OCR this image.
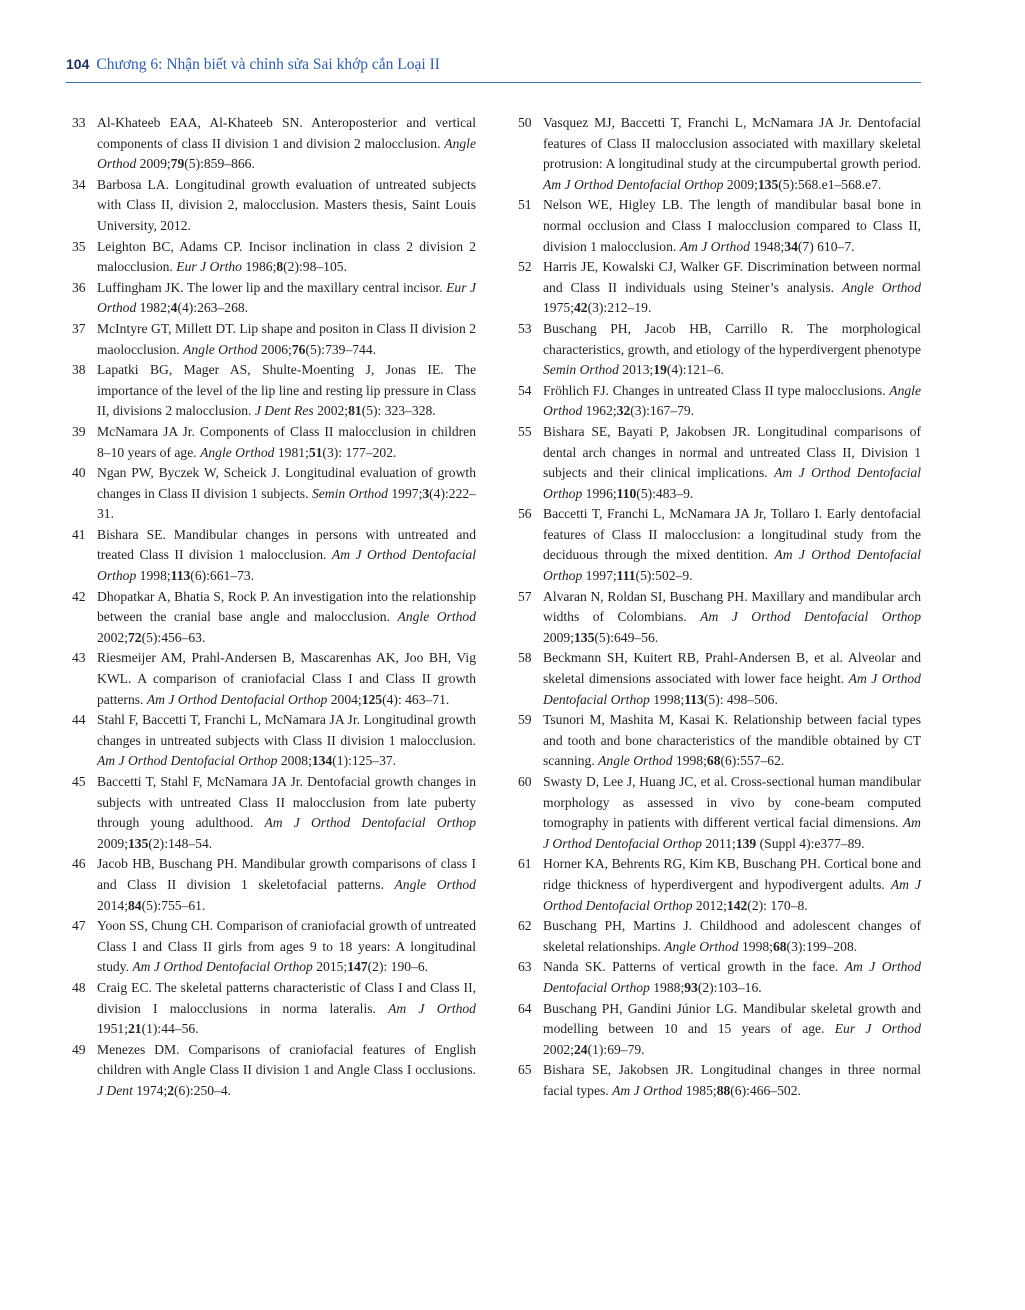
104 Chương 6: Nhận biết và chỉnh sửa Sai khớp cắn Loại II

33 Al-Khateeb EAA, Al-Khateeb SN. Anteroposterior and vertical components of class II division 1 and division 2 malocclusion. Angle Orthod 2009;79(5):859–866.

34 Barbosa LA. Longitudinal growth evaluation of untreated subjects with Class II, division 2, malocclusion. Masters thesis, Saint Louis University, 2012.

35 Leighton BC, Adams CP. Incisor inclination in class 2 division 2 malocclusion. Eur J Ortho 1986;8(2):98–105.

36 Luffingham JK. The lower lip and the maxillary central incisor. Eur J Orthod 1982;4(4):263–268.

37 McIntyre GT, Millett DT. Lip shape and positon in Class II division 2 maolocclusion. Angle Orthod 2006;76(5):739–744.

38 Lapatki BG, Mager AS, Shulte-Moenting J, Jonas IE. The importance of the level of the lip line and resting lip pressure in Class II, divisions 2 malocclusion. J Dent Res 2002;81(5): 323–328.

39 McNamara JA Jr. Components of Class II malocclusion in children 8–10 years of age. Angle Orthod 1981;51(3): 177–202.

40 Ngan PW, Byczek W, Scheick J. Longitudinal evaluation of growth changes in Class II division 1 subjects. Semin Orthod 1997;3(4):222–31.

41 Bishara SE. Mandibular changes in persons with untreated and treated Class II division 1 malocclusion. Am J Orthod Dentofacial Orthop 1998;113(6):661–73.

42 Dhopatkar A, Bhatia S, Rock P. An investigation into the relationship between the cranial base angle and malocclusion. Angle Orthod 2002;72(5):456–63.

43 Riesmeijer AM, Prahl-Andersen B, Mascarenhas AK, Joo BH, Vig KWL. A comparison of craniofacial Class I and Class II growth patterns. Am J Orthod Dentofacial Orthop 2004;125(4): 463–71.

44 Stahl F, Baccetti T, Franchi L, McNamara JA Jr. Longitudinal growth changes in untreated subjects with Class II division 1 malocclusion. Am J Orthod Dentofacial Orthop 2008;134(1):125–37.

45 Baccetti T, Stahl F, McNamara JA Jr. Dentofacial growth changes in subjects with untreated Class II malocclusion from late puberty through young adulthood. Am J Orthod Dentofacial Orthop 2009;135(2):148–54.

46 Jacob HB, Buschang PH. Mandibular growth comparisons of class I and Class II division 1 skeletofacial patterns. Angle Orthod 2014;84(5):755–61.

47 Yoon SS, Chung CH. Comparison of craniofacial growth of untreated Class I and Class II girls from ages 9 to 18 years: A longitudinal study. Am J Orthod Dentofacial Orthop 2015;147(2): 190–6.

48 Craig EC. The skeletal patterns characteristic of Class I and Class II, division I malocclusions in norma lateralis. Am J Orthod 1951;21(1):44–56.

49 Menezes DM. Comparisons of craniofacial features of English children with Angle Class II division 1 and Angle Class I occlusions. J Dent 1974;2(6):250–4.

50 Vasquez MJ, Baccetti T, Franchi L, McNamara JA Jr. Dentofacial features of Class II malocclusion associated with maxillary skeletal protrusion: A longitudinal study at the circumpubertal growth period. Am J Orthod Dentofacial Orthop 2009;135(5):568.e1–568.e7.

51 Nelson WE, Higley LB. The length of mandibular basal bone in normal occlusion and Class I malocclusion compared to Class II, division 1 malocclusion. Am J Orthod 1948;34(7) 610–7.

52 Harris JE, Kowalski CJ, Walker GF. Discrimination between normal and Class II individuals using Steiner’s analysis. Angle Orthod 1975;42(3):212–19.

53 Buschang PH, Jacob HB, Carrillo R. The morphological characteristics, growth, and etiology of the hyperdivergent phenotype Semin Orthod 2013;19(4):121–6.

54 Fröhlich FJ. Changes in untreated Class II type malocclusions. Angle Orthod 1962;32(3):167–79.

55 Bishara SE, Bayati P, Jakobsen JR. Longitudinal comparisons of dental arch changes in normal and untreated Class II, Division 1 subjects and their clinical implications. Am J Orthod Dentofacial Orthop 1996;110(5):483–9.

56 Baccetti T, Franchi L, McNamara JA Jr, Tollaro I. Early dentofacial features of Class II malocclusion: a longitudinal study from the deciduous through the mixed dentition. Am J Orthod Dentofacial Orthop 1997;111(5):502–9.

57 Alvaran N, Roldan SI, Buschang PH. Maxillary and mandibular arch widths of Colombians. Am J Orthod Dentofacial Orthop 2009;135(5):649–56.

58 Beckmann SH, Kuitert RB, Prahl-Andersen B, et al. Alveolar and skeletal dimensions associated with lower face height. Am J Orthod Dentofacial Orthop 1998;113(5): 498–506.

59 Tsunori M, Mashita M, Kasai K. Relationship between facial types and tooth and bone characteristics of the mandible obtained by CT scanning. Angle Orthod 1998;68(6):557–62.

60 Swasty D, Lee J, Huang JC, et al. Cross-sectional human mandibular morphology as assessed in vivo by cone-beam computed tomography in patients with different vertical facial dimensions. Am J Orthod Dentofacial Orthop 2011;139 (Suppl 4):e377–89.

61 Horner KA, Behrents RG, Kim KB, Buschang PH. Cortical bone and ridge thickness of hyperdivergent and hypodivergent adults. Am J Orthod Dentofacial Orthop 2012;142(2): 170–8.

62 Buschang PH, Martins J. Childhood and adolescent changes of skeletal relationships. Angle Orthod 1998;68(3):199–208.

63 Nanda SK. Patterns of vertical growth in the face. Am J Orthod Dentofacial Orthop 1988;93(2):103–16.

64 Buschang PH, Gandini Júnior LG. Mandibular skeletal growth and modelling between 10 and 15 years of age. Eur J Orthod 2002;24(1):69–79.

65 Bishara SE, Jakobsen JR. Longitudinal changes in three normal facial types. Am J Orthod 1985;88(6):466–502.
